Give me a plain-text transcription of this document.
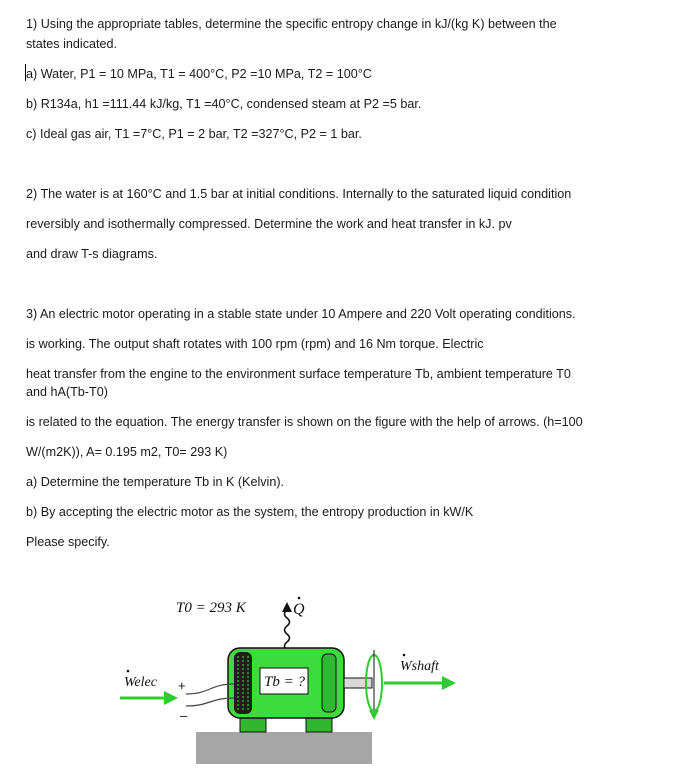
1) Using the appropriate tables, determine the specific entropy change in kJ/(kg K) between the
states indicated.
a) Water, P1 = 10 MPa, T1 = 400°C, P2 =10 MPa, T2 = 100°C
b) R134a, h1 =111.44 kJ/kg, T1 =40°C, condensed steam at P2 =5 bar.
c) Ideal gas air, T1 =7°C, P1 = 2 bar, T2 =327°C, P2 = 1 bar.
2) The water is at 160°C and 1.5 bar at initial conditions. Internally to the saturated liquid condition
reversibly and isothermally compressed. Determine the work and heat transfer in kJ. pv
and draw T-s diagrams.
3) An electric motor operating in a stable state under 10 Ampere and 220 Volt operating conditions.
is working. The output shaft rotates with 100 rpm (rpm) and 16 Nm torque. Electric
heat transfer from the engine to the environment surface temperature Tb, ambient temperature T0
and hA(Tb-T0)
is related to the equation. The energy transfer is shown on the figure with the help of arrows. (h=100
W/(m2K)), A= 0.195 m2, T0= 293 K)
a) Determine the temperature Tb in K (Kelvin).
b) By accepting the electric motor as the system, the entropy production in kW/K
Please specify.
T0 = 293 K	Q
Tb = ?
Wshaft
Welec +
–
